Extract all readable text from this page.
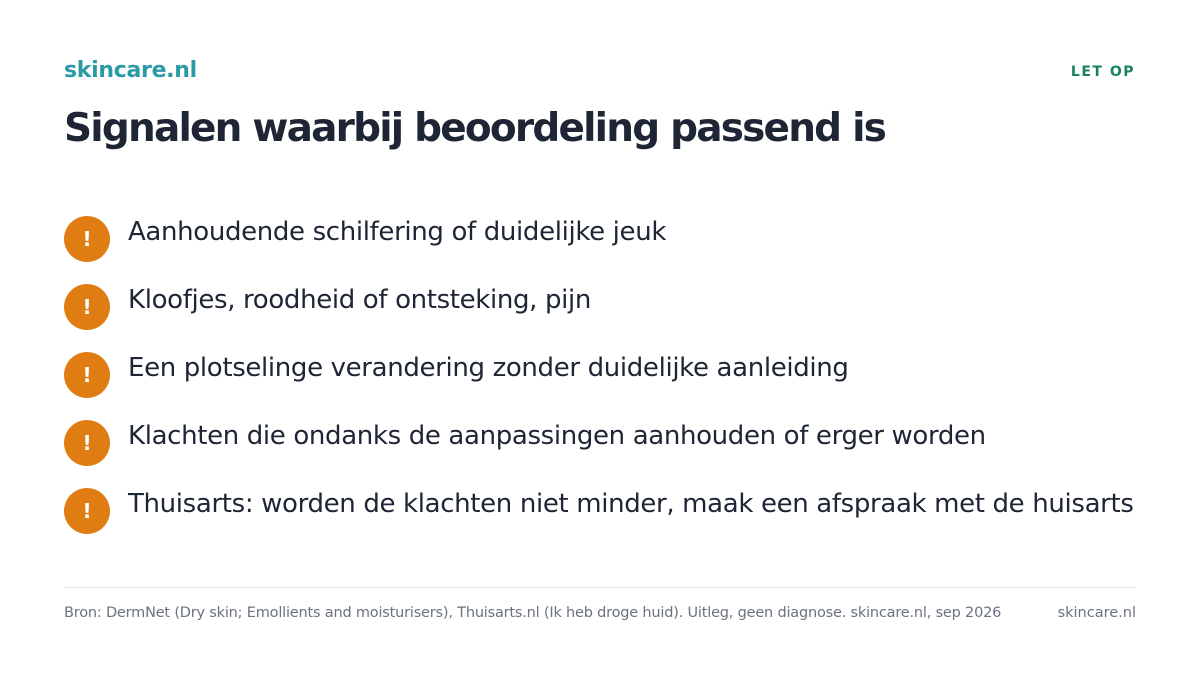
skincare.nl	LET OP
Signalen waarbij beoordeling passend is
!	Aanhoudende schilfering of duidelijke jeuk
!	Kloofjes, roodheid of ontsteking, pijn
!	Een plotselinge verandering zonder duidelijke aanleiding
!	Klachten die ondanks de aanpassingen aanhouden of erger worden
!	Thuisarts: worden de klachten niet minder, maak een afspraak met de huisarts
Bron: DermNet (Dry skin; Emollients and moisturisers), Thuisarts.nl (Ik heb droge huid). Uitleg, geen diagnose. skincare.nl, sep 2026	skincare.nl
